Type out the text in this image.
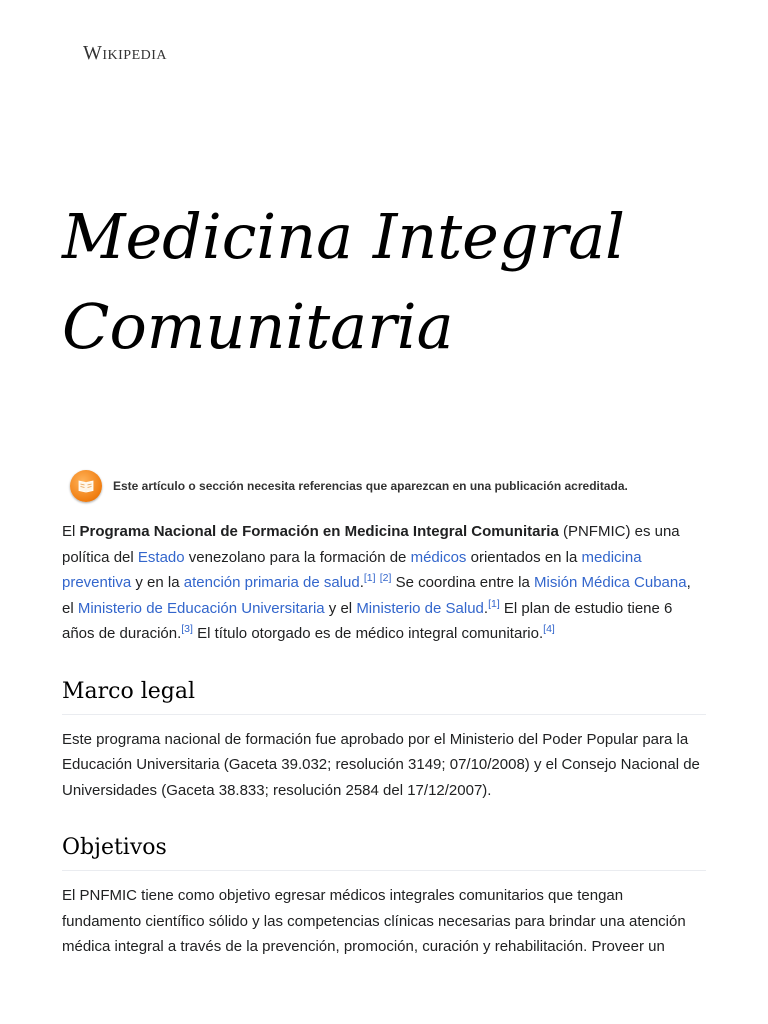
Wikipedia
Medicina Integral Comunitaria
Este artículo o sección necesita referencias que aparezcan en una publicación acreditada.

El Programa Nacional de Formación en Medicina Integral Comunitaria (PNFMIC) es una política del Estado venezolano para la formación de médicos orientados en la medicina preventiva y en la atención primaria de salud.[1] [2] Se coordina entre la Misión Médica Cubana, el Ministerio de Educación Universitaria y el Ministerio de Salud.[1] El plan de estudio tiene 6 años de duración.[3] El título otorgado es de médico integral comunitario.[4]

Marco legal

Este programa nacional de formación fue aprobado por el Ministerio del Poder Popular para la Educación Universitaria (Gaceta 39.032; resolución 3149; 07/10/2008) y el Consejo Nacional de Universidades (Gaceta 38.833; resolución 2584 del 17/12/2007).

Objetivos

El PNFMIC tiene como objetivo egresar médicos integrales comunitarios que tengan fundamento científico sólido y las competencias clínicas necesarias para brindar una atención médica integral a través de la prevención, promoción, curación y rehabilitación. Proveer un
